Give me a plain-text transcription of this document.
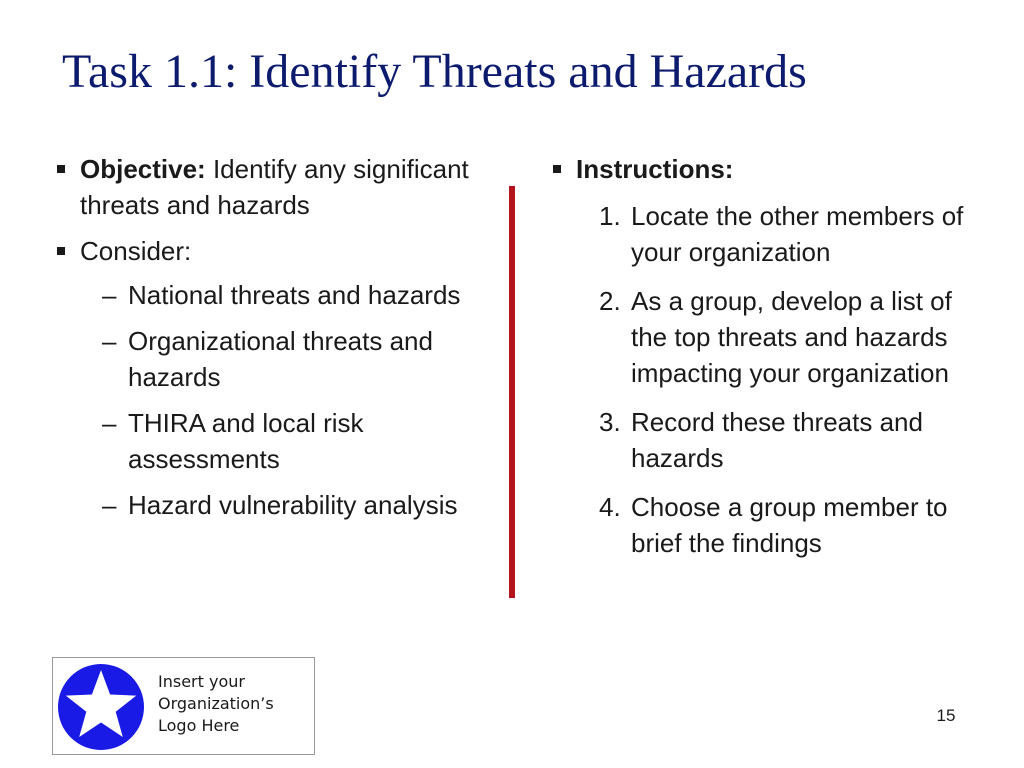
Task 1.1: Identify Threats and Hazards
Objective: Identify any significant threats and hazards
Consider:
– National threats and hazards
– Organizational threats and hazards
– THIRA and local risk assessments
– Hazard vulnerability analysis
Instructions:
1. Locate the other members of your organization
2. As a group, develop a list of the top threats and hazards impacting your organization
3. Record these threats and hazards
4. Choose a group member to brief the findings
Insert your
Organization’s
Logo Here
15
